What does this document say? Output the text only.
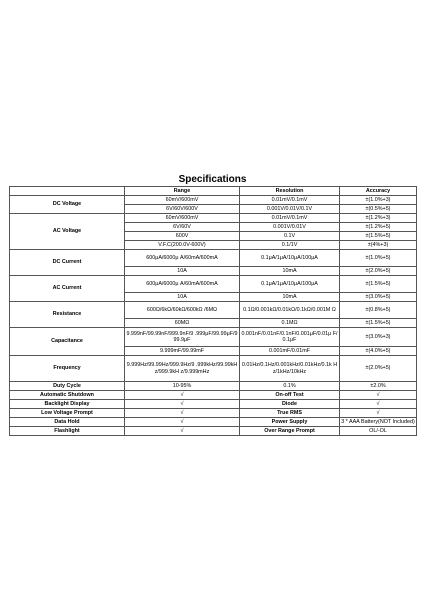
Specifications
	Range	Resolution	Accuracy
DC Voltage	60mV/600mV	0.01mV/0.1mV	±(1.0%+3)
	6V/60V/600V	0.001V/0.01V/0.1V	±(0.5%+5)
AC Voltage	60mV/600mV	0.01mV/0.1mV	±(1.2%+3)
	6V/60V	0.001V/0.01V	±(1.2%+5)
	600V	0.1V	±(1.5%+5)
	V.F.C(200.0V-600V)	0.1/1V	±(4%+3)
DC Current	600μA/6000μ A/60mA/600mA	0.1μA/1μA/10μA/100μA	±(1.0%+5)
	10A	10mA	±(2.0%+5)
AC Current	600μA/6000μ A/60mA/600mA	0.1μA/1μA/10μA/100μA	±(1.5%+5)
	10A	10mA	±(3.0%+5)
Resistance	600Ω/6kΩ/60kΩ/600kΩ /6MΩ	0.1Ω/0.001kΩ/0.01kΩ/0.1kΩ/0.001M Ω	±(0.8%+5)
	60MΩ	0.1MΩ	±(1.5%+5)
Capacitance	9.999nF/99.99nF/999.9nF/9 .999μF/99.99μF/999.9μF	0.001nF/0.01nF/0.1nF/0.001μF/0.01μ F/0.1μF	±(3.0%+3)
	9.999mF/99.99mF	0.001mF/0.01mF	±(4.0%+5)
Frequency	9.999Hz/99.99Hz/999.9Hz/9 .999kHz/99.99kHz/999.9kH z/9.999mHz	0.01Hz/0.1Hz/0.001kHz/0.01kHz/0.1k Hz/1kHz/10kHz	±(2.0%+5)
Duty Cycle	10-95%	0.1%	±2.0%
Automatic Shutdown	√	On-off Test	√
Backlight Display	√	Diode	√
Low Voltage Prompt	√	True RMS	√
Data Hold	√	Power Supply	3 * AAA Battery(NOT Included)
Flashlight	√	Over Range Prompt	OL/-OL
